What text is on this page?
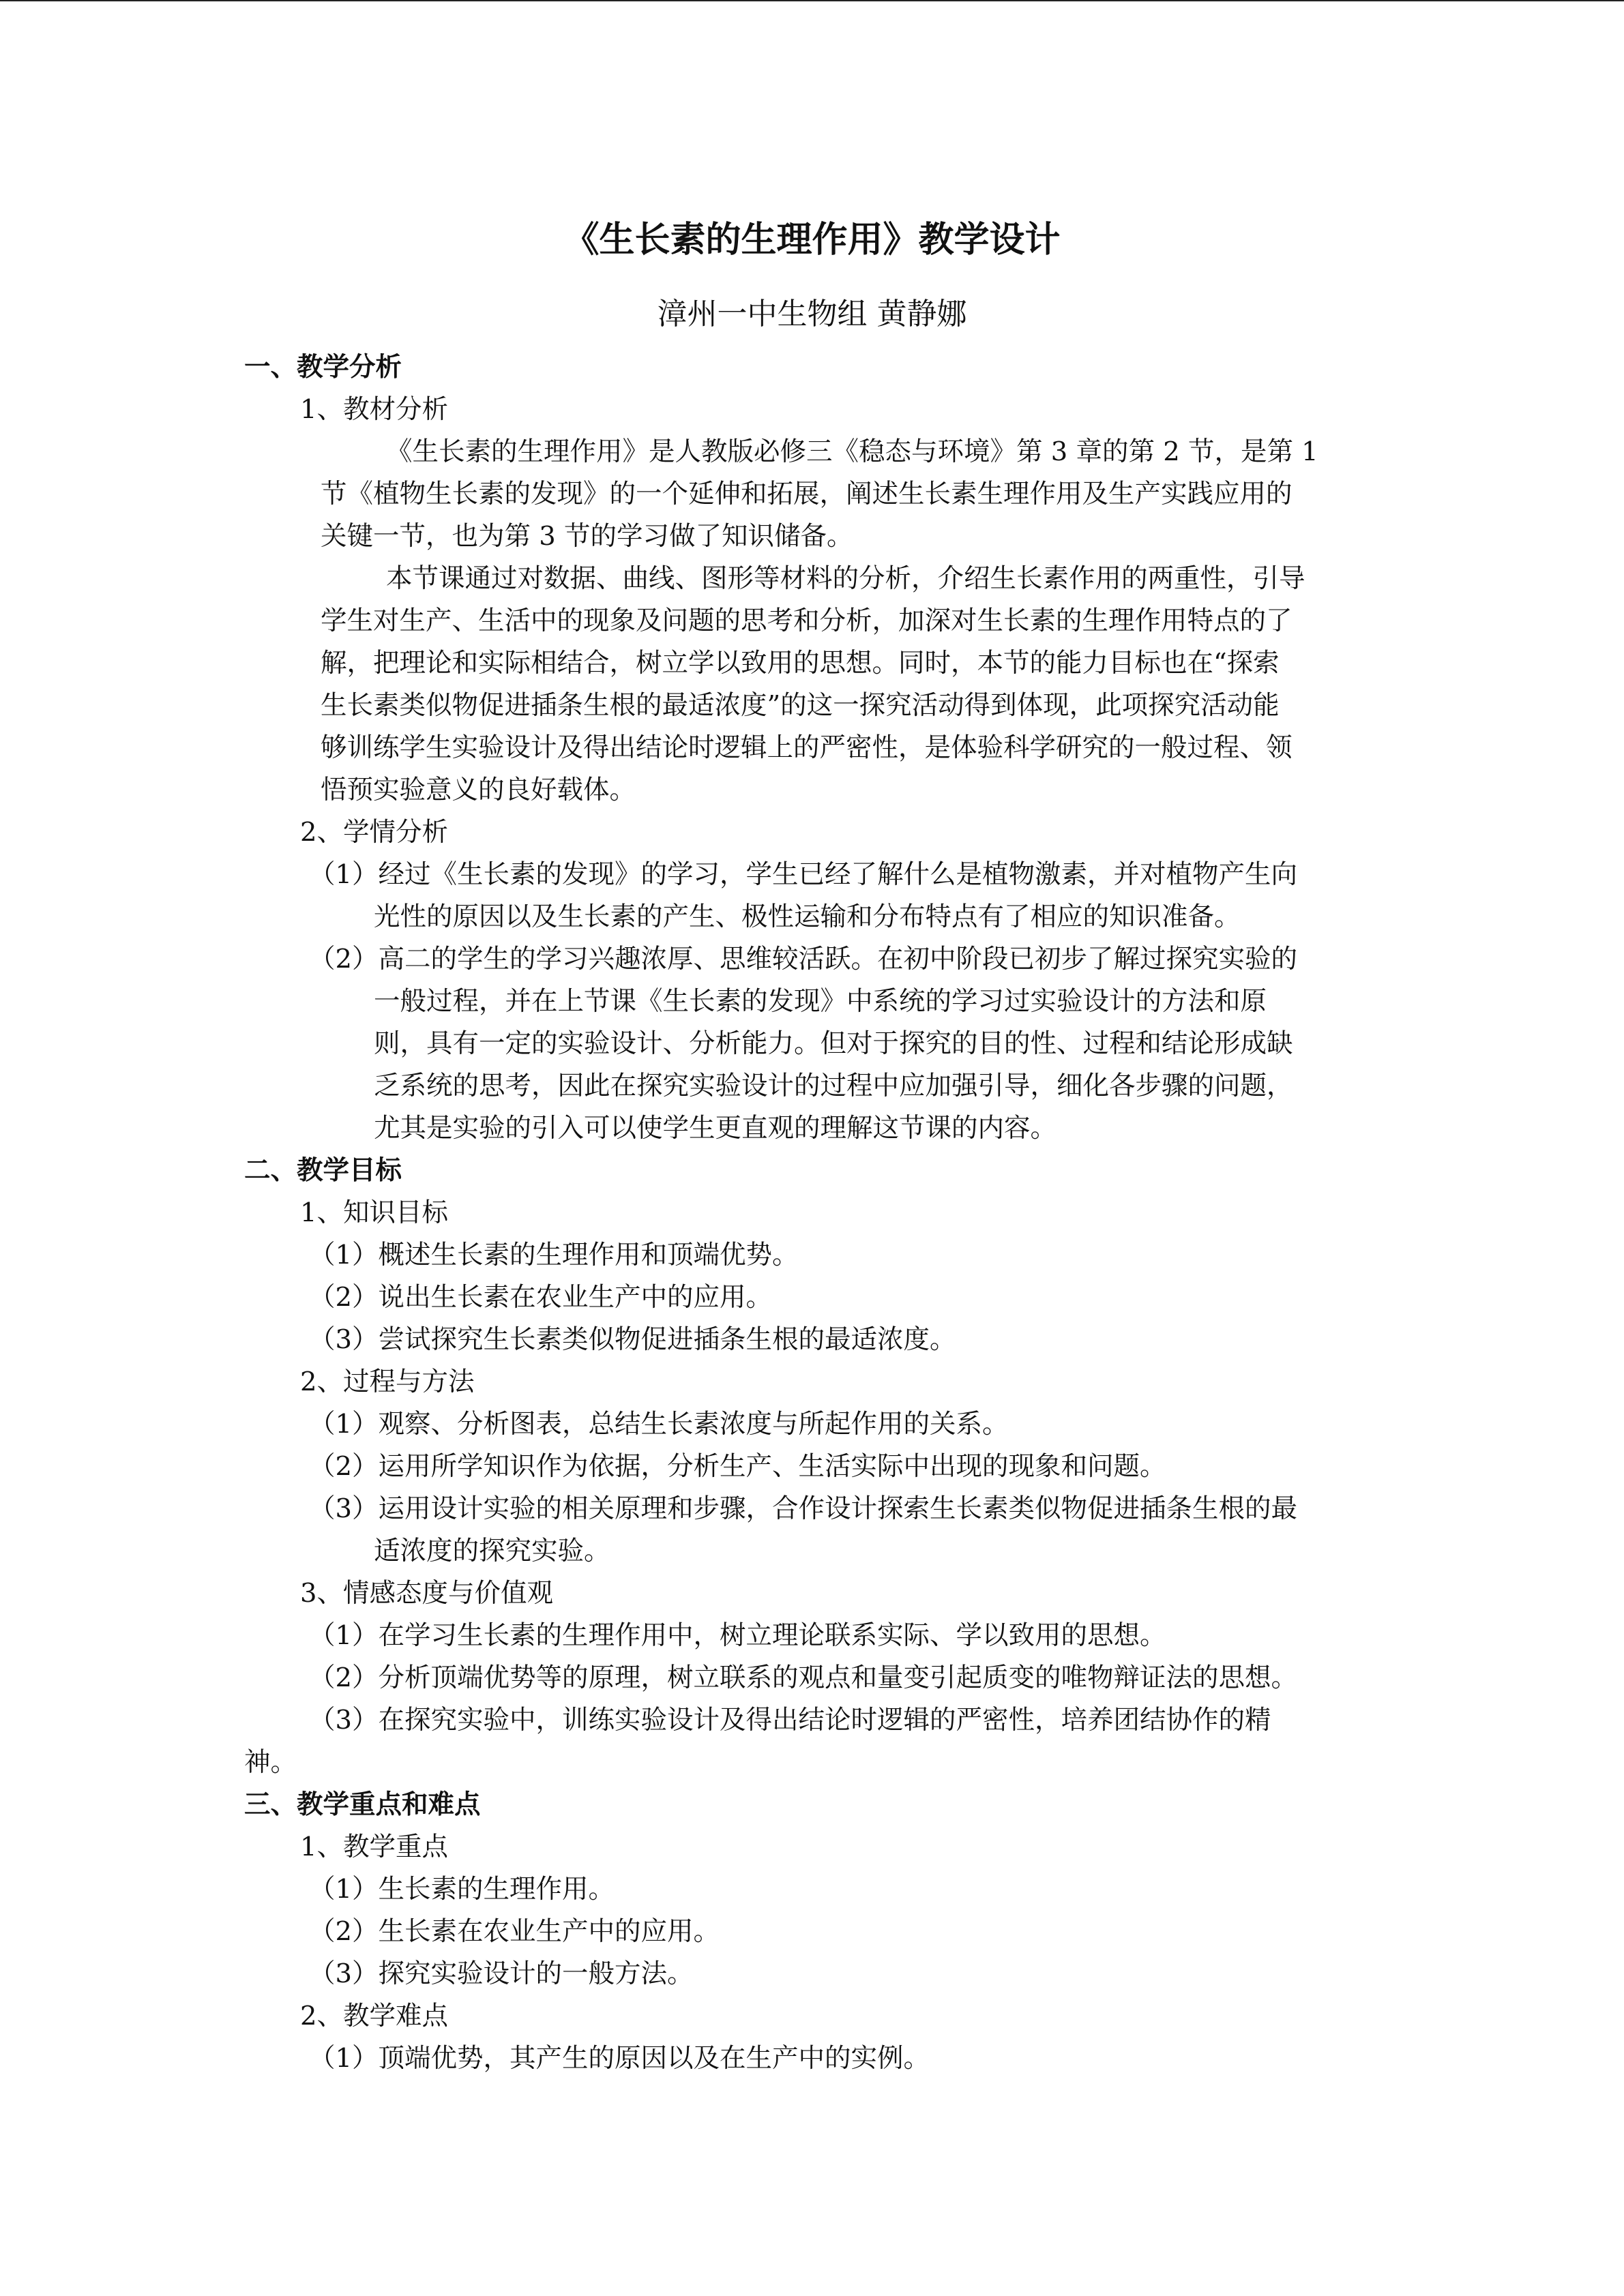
《生长素的生理作用》教学设计
漳州一中生物组 黄静娜
一、教学分析
1、教材分析
《生长素的生理作用》是人教版必修三《稳态与环境》第 3 章的第 2 节，是第 1
节《植物生长素的发现》的一个延伸和拓展，阐述生长素生理作用及生产实践应用的
关键一节，也为第 3 节的学习做了知识储备。
本节课通过对数据、曲线、图形等材料的分析，介绍生长素作用的两重性，引导
学生对生产、生活中的现象及问题的思考和分析，加深对生长素的生理作用特点的了
解，把理论和实际相结合，树立学以致用的思想。同时，本节的能力目标也在“探索
生长素类似物促进插条生根的最适浓度”的这一探究活动得到体现，此项探究活动能
够训练学生实验设计及得出结论时逻辑上的严密性，是体验科学研究的一般过程、领
悟预实验意义的良好载体。
2、学情分析
（1）经过《生长素的发现》的学习，学生已经了解什么是植物激素，并对植物产生向
光性的原因以及生长素的产生、极性运输和分布特点有了相应的知识准备。
（2）高二的学生的学习兴趣浓厚、思维较活跃。在初中阶段已初步了解过探究实验的
一般过程，并在上节课《生长素的发现》中系统的学习过实验设计的方法和原
则，具有一定的实验设计、分析能力。但对于探究的目的性、过程和结论形成缺
乏系统的思考，因此在探究实验设计的过程中应加强引导，细化各步骤的问题，
尤其是实验的引入可以使学生更直观的理解这节课的内容。
二、教学目标
1、知识目标
（1）概述生长素的生理作用和顶端优势。
（2）说出生长素在农业生产中的应用。
（3）尝试探究生长素类似物促进插条生根的最适浓度。
2、过程与方法
（1）观察、分析图表，总结生长素浓度与所起作用的关系。
（2）运用所学知识作为依据，分析生产、生活实际中出现的现象和问题。
（3）运用设计实验的相关原理和步骤，合作设计探索生长素类似物促进插条生根的最
适浓度的探究实验。
3、情感态度与价值观
（1）在学习生长素的生理作用中，树立理论联系实际、学以致用的思想。
（2）分析顶端优势等的原理，树立联系的观点和量变引起质变的唯物辩证法的思想。
（3）在探究实验中，训练实验设计及得出结论时逻辑的严密性，培养团结协作的精
神。
三、教学重点和难点
1、教学重点
（1）生长素的生理作用。
（2）生长素在农业生产中的应用。
（3）探究实验设计的一般方法。
2、教学难点
（1）顶端优势，其产生的原因以及在生产中的实例。
